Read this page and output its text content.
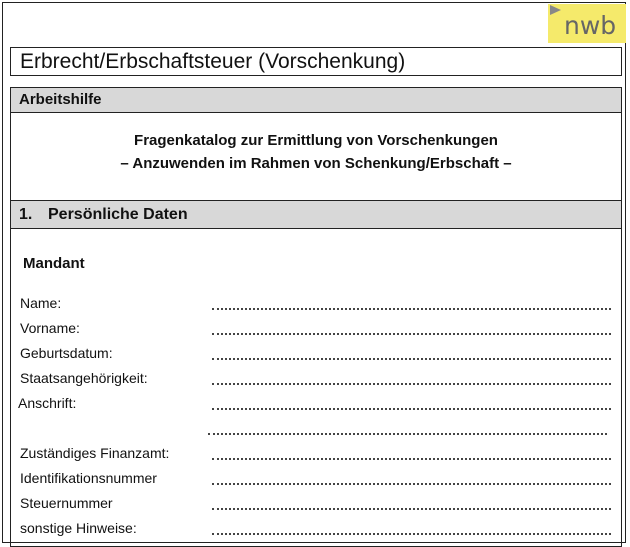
nwb
Erbrecht/Erbschaftsteuer (Vorschenkung)
Arbeitshilfe
Fragenkatalog zur Ermittlung von Vorschenkungen
– Anzuwenden im Rahmen von Schenkung/Erbschaft –
1. Persönliche Daten
Mandant
Name:
Vorname:
Geburtsdatum:
Staatsangehörigkeit:
Anschrift:
Zuständiges Finanzamt:
Identifikationsnummer
Steuernummer
sonstige Hinweise:
